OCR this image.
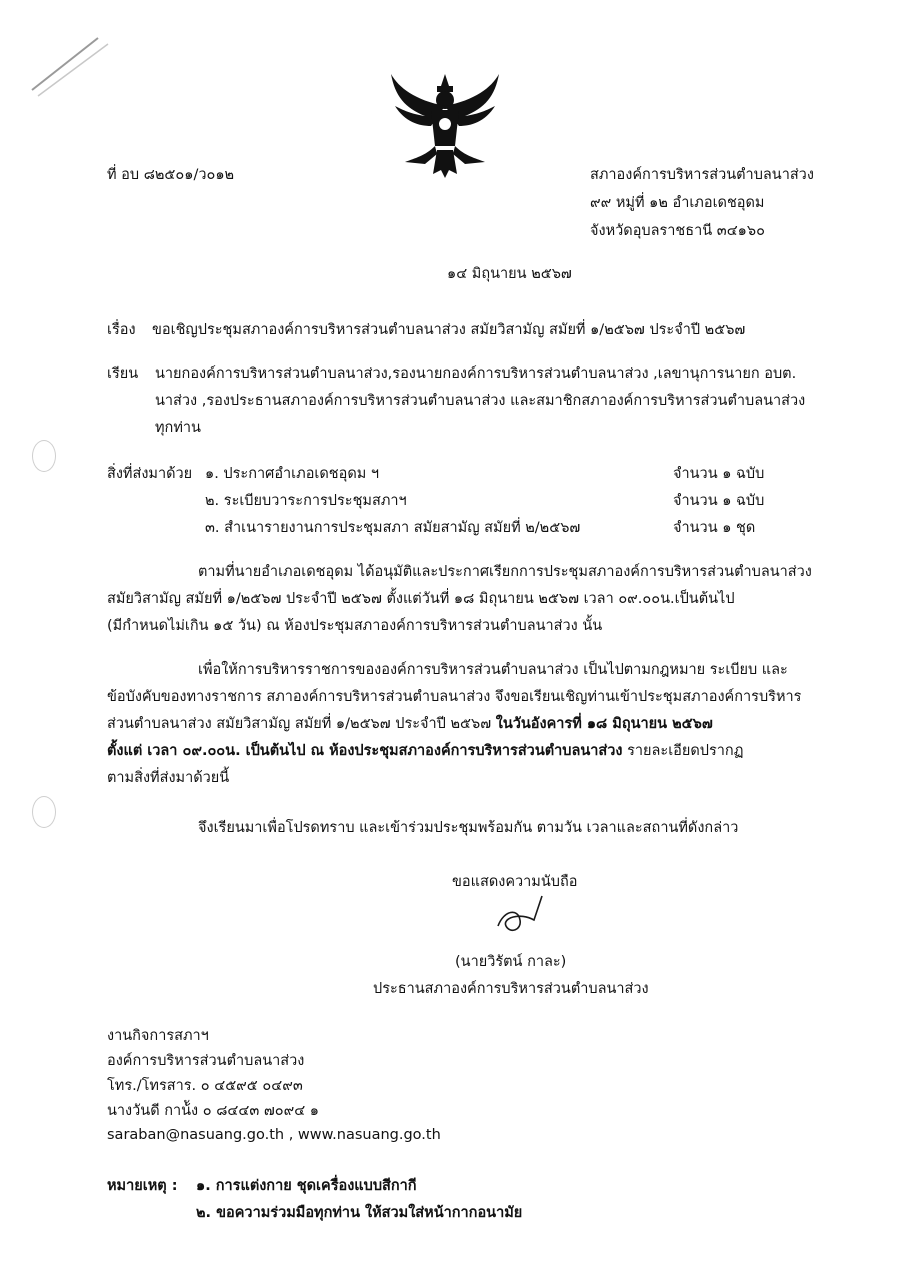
ที่ อบ ๘๒๕๐๑/ว๐๑๒	สภาองค์การบริหารส่วนตำบลนาส่วง
๙๙ หมู่ที่ ๑๒ อำเภอเดชอุดม
จังหวัดอุบลราชธานี ๓๔๑๖๐
๑๔ มิถุนายน ๒๕๖๗
เรื่อง ขอเชิญประชุมสภาองค์การบริหารส่วนตำบลนาส่วง สมัยวิสามัญ สมัยที่ ๑/๒๕๖๗ ประจำปี ๒๕๖๗
เรียน นายกองค์การบริหารส่วนตำบลนาส่วง,รองนายกองค์การบริหารส่วนตำบลนาส่วง ,เลขานุการนายก อบต.
นาส่วง ,รองประธานสภาองค์การบริหารส่วนตำบลนาส่วง และสมาชิกสภาองค์การบริหารส่วนตำบลนาส่วง
ทุกท่าน
สิ่งที่ส่งมาด้วย ๑. ประกาศอำเภอเดชอุดม ฯ	จำนวน ๑ ฉบับ
๒. ระเบียบวาระการประชุมสภาฯ	จำนวน ๑ ฉบับ
๓. สำเนารายงานการประชุมสภา สมัยสามัญ สมัยที่ ๒/๒๕๖๗	จำนวน ๑ ชุด
ตามที่นายอำเภอเดชอุดม ได้อนุมัติและประกาศเรียกการประชุมสภาองค์การบริหารส่วนตำบลนาส่วง
สมัยวิสามัญ สมัยที่ ๑/๒๕๖๗ ประจำปี ๒๕๖๗ ตั้งแต่วันที่ ๑๘ มิถุนายน ๒๕๖๗ เวลา ๐๙.๐๐น.เป็นต้นไป
(มีกำหนดไม่เกิน ๑๕ วัน) ณ ห้องประชุมสภาองค์การบริหารส่วนตำบลนาส่วง นั้น
เพื่อให้การบริหารราชการขององค์การบริหารส่วนตำบลนาส่วง เป็นไปตามกฎหมาย ระเบียบ และ
ข้อบังคับของทางราชการ สภาองค์การบริหารส่วนตำบลนาส่วง จึงขอเรียนเชิญท่านเข้าประชุมสภาองค์การบริหาร
ส่วนตำบลนาส่วง สมัยวิสามัญ สมัยที่ ๑/๒๕๖๗ ประจำปี ๒๕๖๗ ในวันอังคารที่ ๑๘ มิถุนายน ๒๕๖๗
ตั้งแต่ เวลา ๐๙.๐๐น. เป็นต้นไป ณ ห้องประชุมสภาองค์การบริหารส่วนตำบลนาส่วง รายละเอียดปรากฏ
ตามสิ่งที่ส่งมาด้วยนี้
จึงเรียนมาเพื่อโปรดทราบ และเข้าร่วมประชุมพร้อมกัน ตามวัน เวลาและสถานที่ดังกล่าว
ขอแสดงความนับถือ
(นายวิรัตน์ กาละ)
ประธานสภาองค์การบริหารส่วนตำบลนาส่วง
งานกิจการสภาฯ
องค์การบริหารส่วนตำบลนาส่วง
โทร./โทรสาร. ๐ ๔๕๙๕ ๐๔๙๓
นางวันดี กาน้ัง ๐ ๘๔๔๓ ๗๐๙๔ ๑
saraban@nasuang.go.th , www.nasuang.go.th
หมายเหตุ : ๑. การแต่งกาย ชุดเครื่องแบบสีกากี
๒. ขอความร่วมมือทุกท่าน ให้สวมใส่หน้ากากอนามัย
